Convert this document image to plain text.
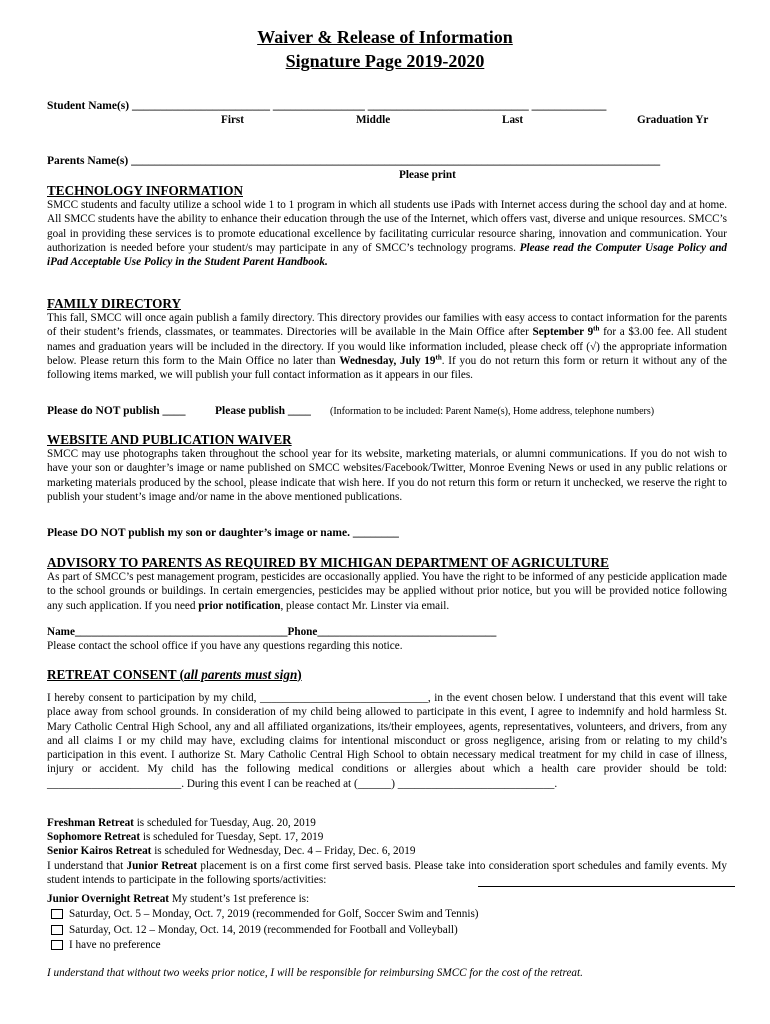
Waiver & Release of Information
Signature Page 2019-2020
Student Name(s) ________________________ ________________ ____________________________ _____________
First	Middle	Last	Graduation Yr
Parents Name(s) ____________________________________________________________________________________________
Please print
TECHNOLOGY INFORMATION
SMCC students and faculty utilize a school wide 1 to 1 program in which all students use iPads with Internet access during the school day and at home. All SMCC students have the ability to enhance their education through the use of the Internet, which offers vast, diverse and unique resources. SMCC’s goal in providing these services is to promote educational excellence by facilitating curricular resource sharing, innovation and communication. Your authorization is needed before your student/s may participate in any of SMCC’s technology programs. Please read the Computer Usage Policy and iPad Acceptable Use Policy in the Student Parent Handbook.
FAMILY DIRECTORY
This fall, SMCC will once again publish a family directory. This directory provides our families with easy access to contact information for the parents of their student’s friends, classmates, or teammates. Directories will be available in the Main Office after September 9th for a $3.00 fee. All student names and graduation years will be included in the directory. If you would like information included, please check off (√) the appropriate information below. Please return this form to the Main Office no later than Wednesday, July 19th. If you do not return this form or return it without any of the following items marked, we will publish your full contact information as it appears in our files.
Please do NOT publish ____	Please publish ____ (Information to be included: Parent Name(s), Home address, telephone numbers)
WEBSITE AND PUBLICATION WAIVER
SMCC may use photographs taken throughout the school year for its website, marketing materials, or alumni communications. If you do not wish to have your son or daughter’s image or name published on SMCC websites/Facebook/Twitter, Monroe Evening News or used in any public relations or marketing materials produced by the school, please indicate that wish here. If you do not return this form or return it unchecked, we reserve the right to publish your student’s image and/or name in the above mentioned publications.
Please DO NOT publish my son or daughter’s image or name. ________
ADVISORY TO PARENTS AS REQUIRED BY MICHIGAN DEPARTMENT OF AGRICULTURE
As part of SMCC’s pest management program, pesticides are occasionally applied. You have the right to be informed of any pesticide application made to the school grounds or buildings. In certain emergencies, pesticides may be applied without prior notice, but you will be provided notice following any such application. If you need prior notification, please contact Mr. Linster via email.
Name______________________________________Phone________________________________
Please contact the school office if you have any questions regarding this notice.
RETREAT CONSENT (all parents must sign)
I hereby consent to participation by my child, ______________________________, in the event chosen below. I understand that this event will take place away from school grounds. In consideration of my child being allowed to participate in this event, I agree to indemnify and hold harmless St. Mary Catholic Central High School, any and all affiliated organizations, its/their employees, agents, representatives, volunteers, and drivers, from any and all claims I or my child may have, excluding claims for intentional misconduct or gross negligence, arising from or relating to my child’s participation in this event. I authorize St. Mary Catholic Central High School to obtain necessary medical treatment for my child in case of illness, injury or accident. My child has the following medical conditions or allergies about which a health care provider should be told: ________________________. During this event I can be reached at (______) ____________________________.
Freshman Retreat is scheduled for Tuesday, Aug. 20, 2019
Sophomore Retreat is scheduled for Tuesday, Sept. 17, 2019
Senior Kairos Retreat is scheduled for Wednesday, Dec. 4 – Friday, Dec. 6, 2019
I understand that Junior Retreat placement is on a first come first served basis. Please take into consideration sport schedules and family events. My student intends to participate in the following sports/activities:
Junior Overnight Retreat My student’s 1st preference is:
Saturday, Oct. 5 – Monday, Oct. 7, 2019 (recommended for Golf, Soccer Swim and Tennis)
Saturday, Oct. 12 – Monday, Oct. 14, 2019 (recommended for Football and Volleyball)
I have no preference
I understand that without two weeks prior notice, I will be responsible for reimbursing SMCC for the cost of the retreat.
